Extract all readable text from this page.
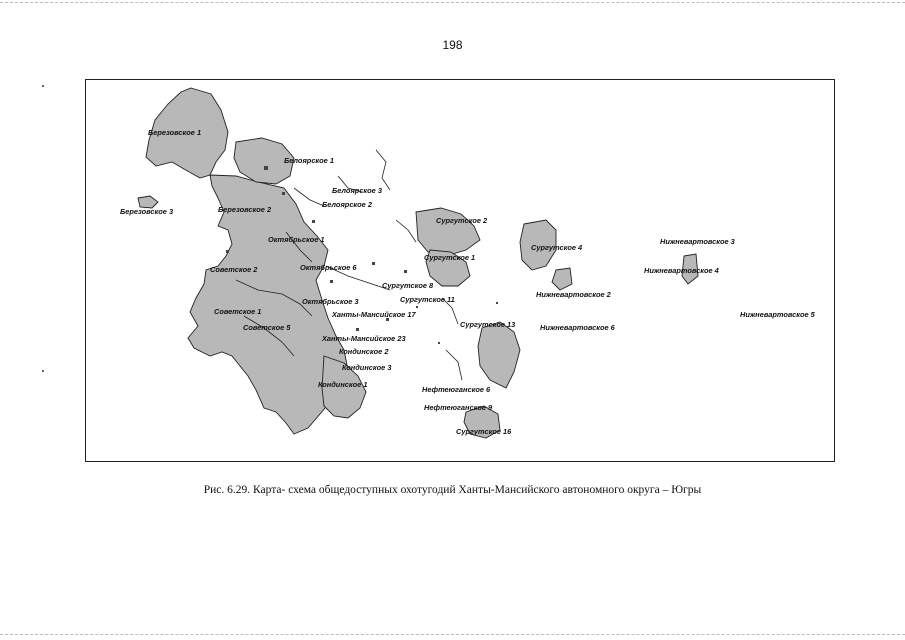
198
Березовское 1
Березовское 3	Березовское 2
Белоярское 1
Белоярское 3
Белоярское 2
Октябрьское 1
Октябрьское 6
Октябрьское 3
Советское 2
Советское 1
Советское 5
Сургутское 2
Сургутское 1
Сургутское 4
Сургутское 8
Сургутское 11
Сургутское 13
Сургутское 16
Ханты-Мансийское 17
Ханты-Мансийское 23
Кондинское 2
Кондинское 3
Кондинское 1
Нижневартовское 3
Нижневартовское 4
Нижневартовское 2
Нижневартовское 5
Нижневартовское 6
Нефтеюганское 6
Нефтеюганское 9
Рис. 6.29. Карта- схема общедоступных охотугодий Ханты-Мансийского автономного округа – Югры
